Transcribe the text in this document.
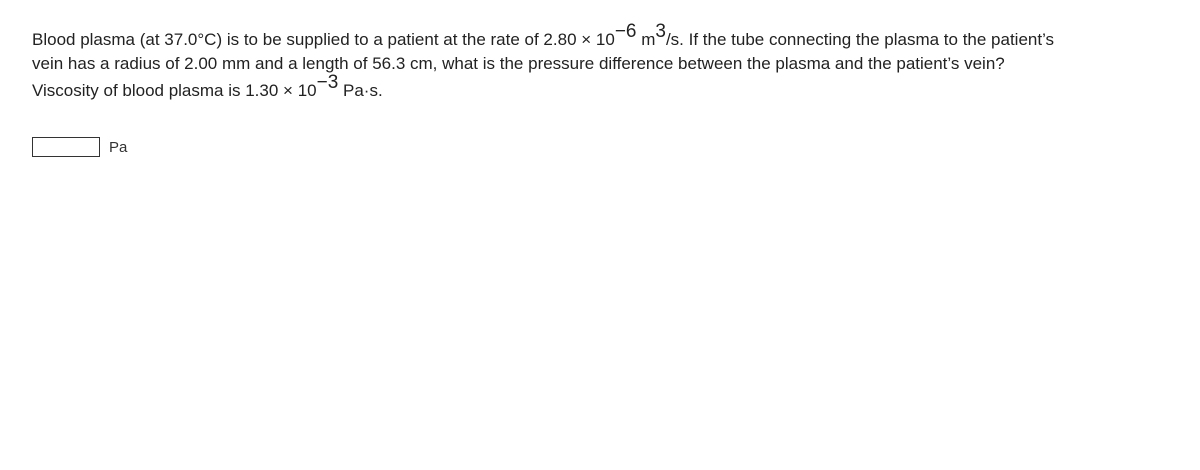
Blood plasma (at 37.0°C) is to be supplied to a patient at the rate of $2.80 \times 10^{-6}$ $m^3/s$. If the tube connecting the plasma to the patient’s
vein has a radius of 2.00 mm and a length of 56.3 cm, what is the pressure difference between the plasma and the patient’s vein?
Viscosity of blood plasma is $1.30 \times 10^{-3}$ Pa·s.
Pa
